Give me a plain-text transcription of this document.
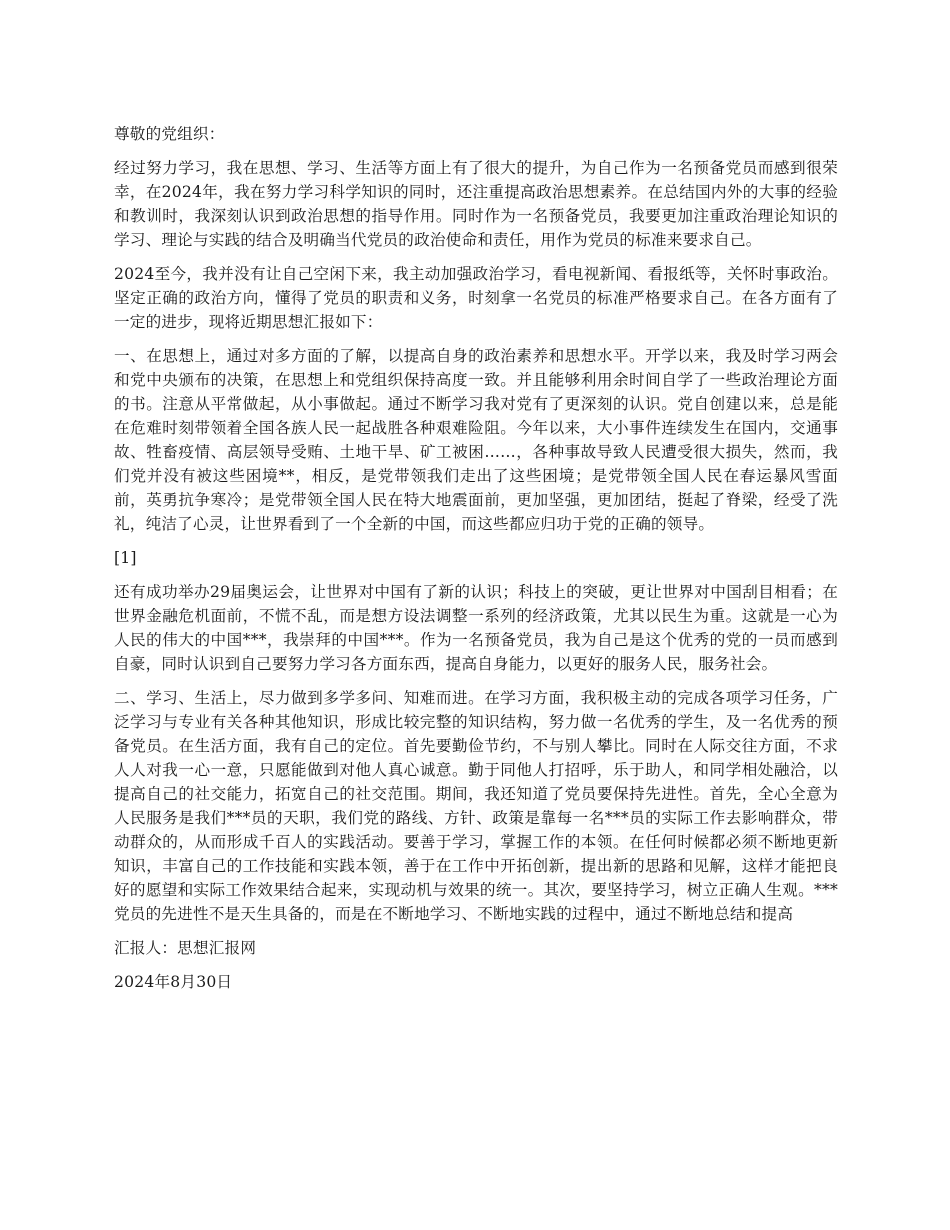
尊敬的党组织：

经过努力学习，我在思想、学习、生活等方面上有了很大的提升，为自己作为一名预备党员而感到很荣幸，在2024年，我在努力学习科学知识的同时，还注重提高政治思想素养。在总结国内外的大事的经验和教训时，我深刻认识到政治思想的指导作用。同时作为一名预备党员，我要更加注重政治理论知识的学习、理论与实践的结合及明确当代党员的政治使命和责任，用作为党员的标准来要求自己。

2024至今，我并没有让自己空闲下来，我主动加强政治学习，看电视新闻、看报纸等，关怀时事政治。坚定正确的政治方向，懂得了党员的职责和义务，时刻拿一名党员的标准严格要求自己。在各方面有了一定的进步，现将近期思想汇报如下：

一、在思想上，通过对多方面的了解，以提高自身的政治素养和思想水平。开学以来，我及时学习两会和党中央颁布的决策，在思想上和党组织保持高度一致。并且能够利用余时间自学了一些政治理论方面的书。注意从平常做起，从小事做起。通过不断学习我对党有了更深刻的认识。党自创建以来，总是能在危难时刻带领着全国各族人民一起战胜各种艰难险阻。今年以来，大小事件连续发生在国内，交通事故、牲畜疫情、高层领导受贿、土地干旱、矿工被困……，各种事故导致人民遭受很大损失，然而，我们党并没有被这些困境**，相反，是党带领我们走出了这些困境；是党带领全国人民在春运暴风雪面前，英勇抗争寒冷；是党带领全国人民在特大地震面前，更加坚强，更加团结，挺起了脊梁，经受了洗礼，纯洁了心灵，让世界看到了一个全新的中国，而这些都应归功于党的正确的领导。

[1]

还有成功举办29届奥运会，让世界对中国有了新的认识；科技上的突破，更让世界对中国刮目相看；在世界金融危机面前，不慌不乱，而是想方设法调整一系列的经济政策，尤其以民生为重。这就是一心为人民的伟大的中国***，我崇拜的中国***。作为一名预备党员，我为自己是这个优秀的党的一员而感到自豪，同时认识到自己要努力学习各方面东西，提高自身能力，以更好的服务人民，服务社会。

二、学习、生活上，尽力做到多学多问、知难而进。在学习方面，我积极主动的完成各项学习任务，广泛学习与专业有关各种其他知识，形成比较完整的知识结构，努力做一名优秀的学生，及一名优秀的预备党员。在生活方面，我有自己的定位。首先要勤俭节约，不与别人攀比。同时在人际交往方面，不求人人对我一心一意，只愿能做到对他人真心诚意。勤于同他人打招呼，乐于助人，和同学相处融洽，以提高自己的社交能力，拓宽自己的社交范围。期间，我还知道了党员要保持先进性。首先，全心全意为人民服务是我们***员的天职，我们党的路线、方针、政策是靠每一名***员的实际工作去影响群众，带动群众的，从而形成千百人的实践活动。要善于学习，掌握工作的本领。在任何时候都必须不断地更新知识，丰富自己的工作技能和实践本领，善于在工作中开拓创新，提出新的思路和见解，这样才能把良好的愿望和实际工作效果结合起来，实现动机与效果的统一。其次，要坚持学习，树立正确人生观。***党员的先进性不是天生具备的，而是在不断地学习、不断地实践的过程中，通过不断地总结和提高

汇报人：思想汇报网

2024年8月30日
